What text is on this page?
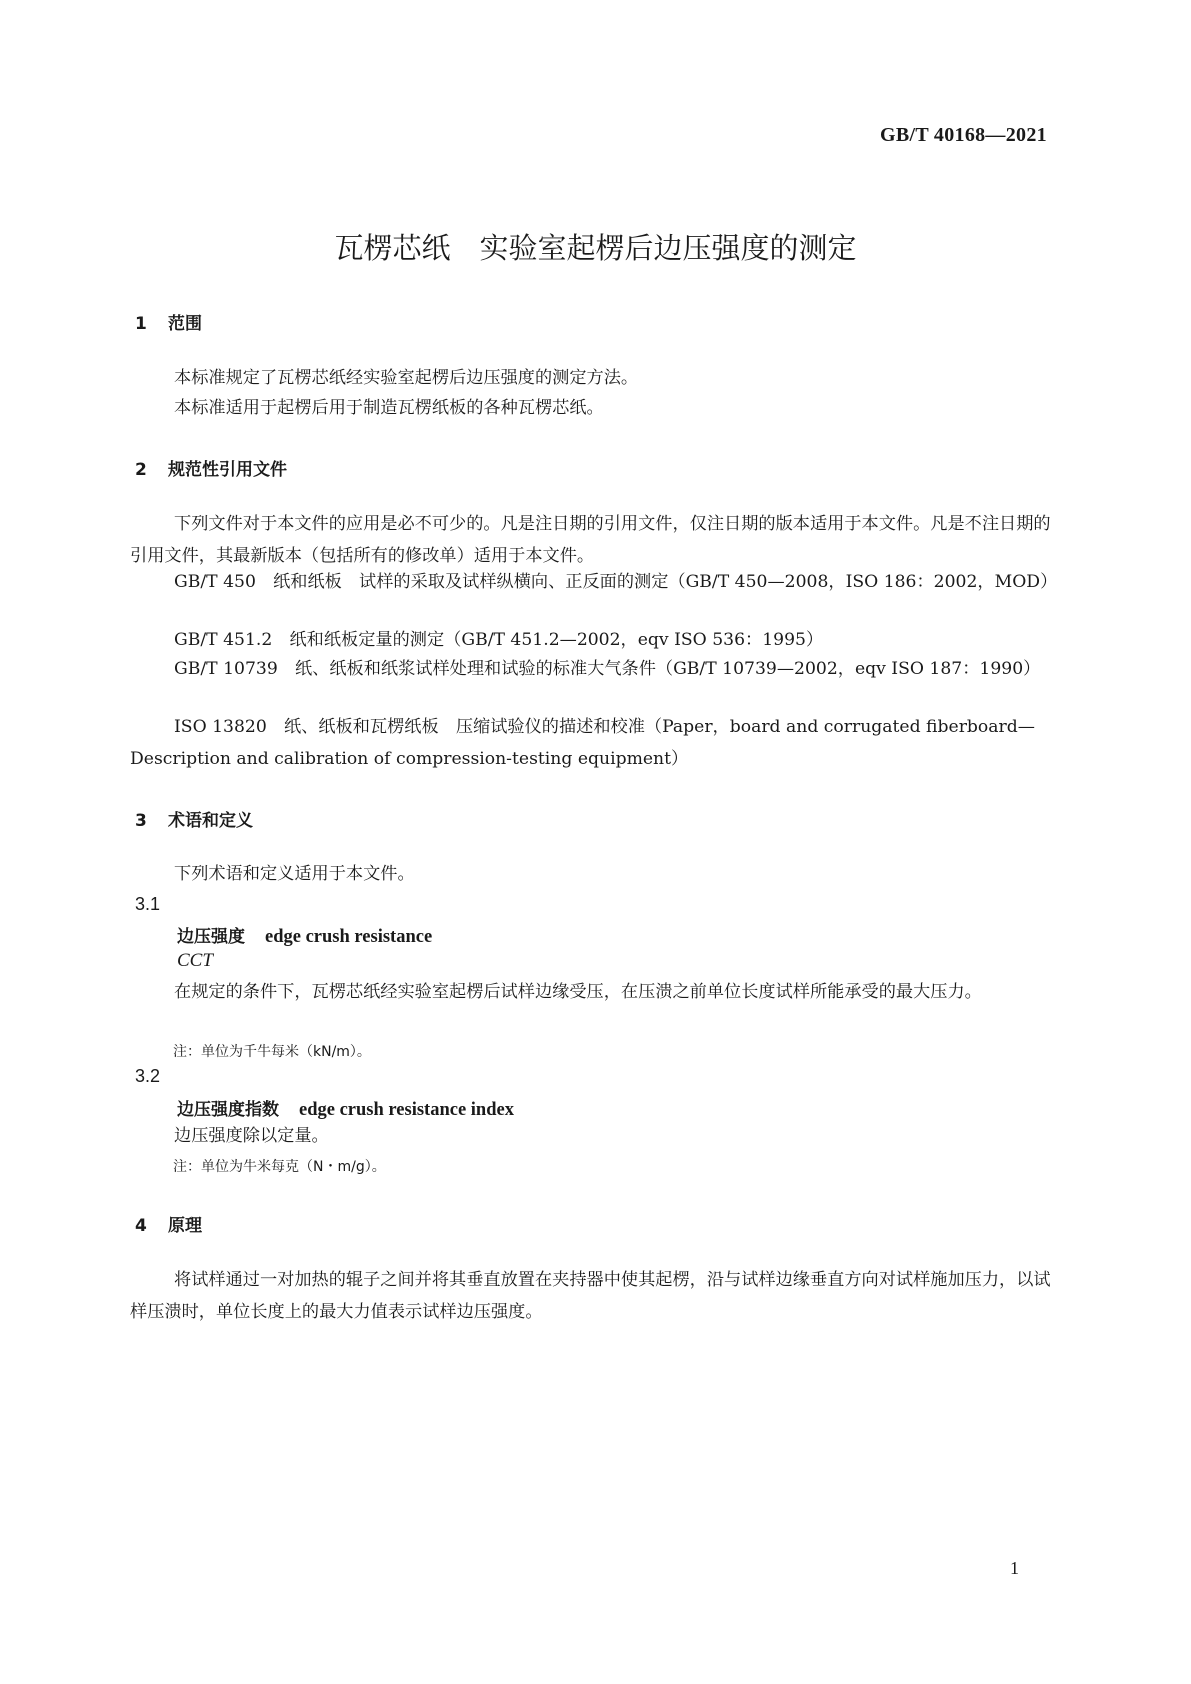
GB/T 40168—2021
瓦楞芯纸　实验室起楞后边压强度的测定
1 范围
本标准规定了瓦楞芯纸经实验室起楞后边压强度的测定方法。
本标准适用于起楞后用于制造瓦楞纸板的各种瓦楞芯纸。
2 规范性引用文件
下列文件对于本文件的应用是必不可少的。凡是注日期的引用文件，仅注日期的版本适用于本文件。凡是不注日期的引用文件，其最新版本（包括所有的修改单）适用于本文件。
GB/T 450　纸和纸板　试样的采取及试样纵横向、正反面的测定（GB/T 450—2008，ISO 186：2002，MOD）
GB/T 451.2　纸和纸板定量的测定（GB/T 451.2—2002，eqv ISO 536：1995）
GB/T 10739　纸、纸板和纸浆试样处理和试验的标准大气条件（GB/T 10739—2002，eqv ISO 187：1990）
ISO 13820　纸、纸板和瓦楞纸板　压缩试验仪的描述和校准（Paper，board and corrugated fiberboard—Description and calibration of compression-testing equipment）
3 术语和定义
下列术语和定义适用于本文件。
3.1
边压强度 edge crush resistance
CCT
在规定的条件下，瓦楞芯纸经实验室起楞后试样边缘受压，在压溃之前单位长度试样所能承受的最大压力。
注：单位为千牛每米（kN/m）。
3.2
边压强度指数 edge crush resistance index
边压强度除以定量。
注：单位为牛米每克（N・m/g）。
4 原理
将试样通过一对加热的辊子之间并将其垂直放置在夹持器中使其起楞，沿与试样边缘垂直方向对试样施加压力，以试样压溃时，单位长度上的最大力值表示试样边压强度。
1
